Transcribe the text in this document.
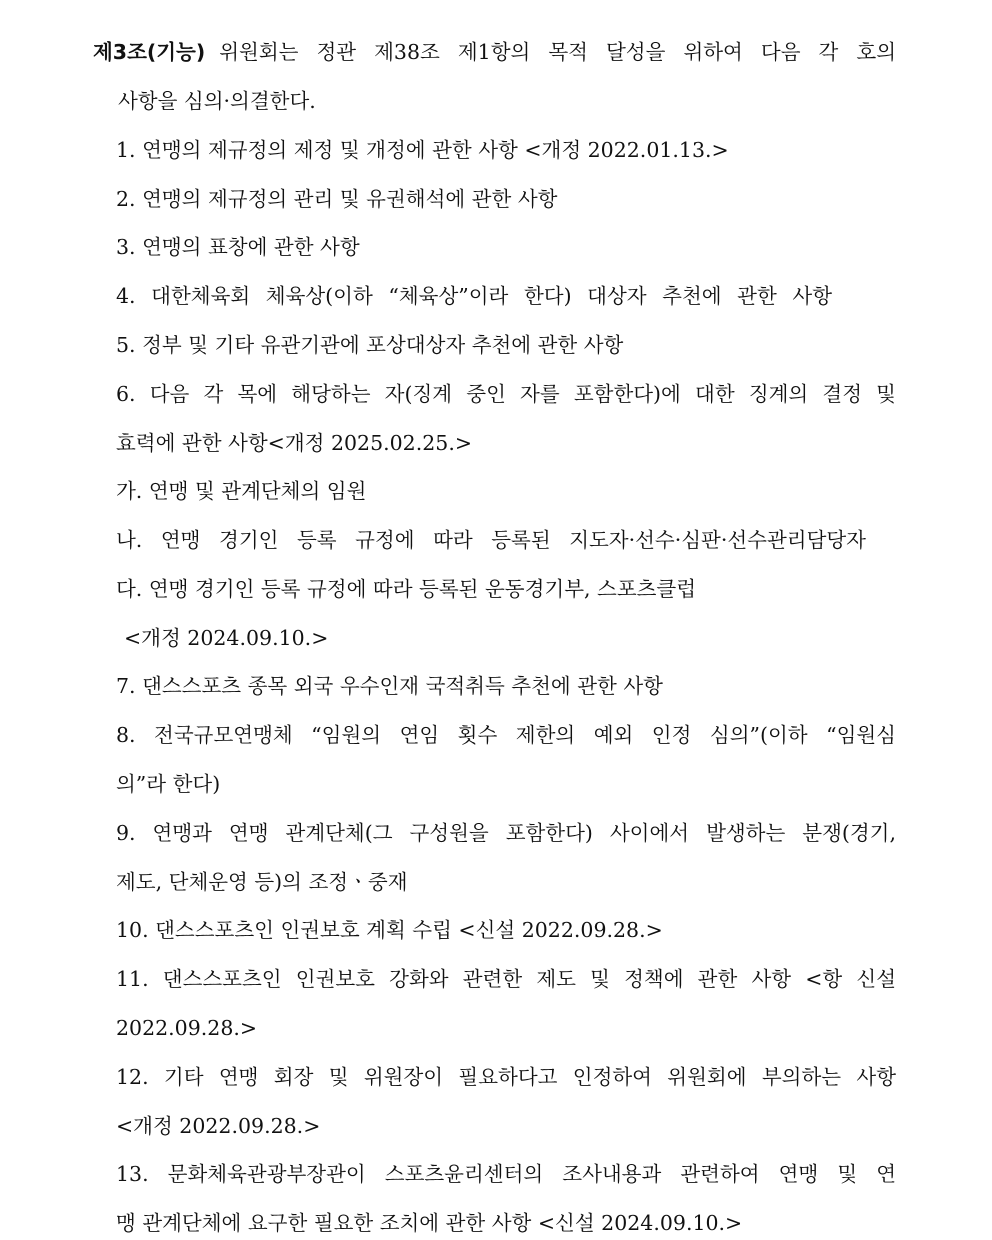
제3조(기능) 위원회는 정관 제38조 제1항의 목적 달성을 위하여 다음 각 호의
사항을 심의·의결한다.
1. 연맹의 제규정의 제정 및 개정에 관한 사항 <개정 2022.01.13.>
2. 연맹의 제규정의 관리 및 유권해석에 관한 사항
3. 연맹의 표창에 관한 사항
4. 대한체육회 체육상(이하 “체육상”이라 한다) 대상자 추천에 관한 사항
5. 정부 및 기타 유관기관에 포상대상자 추천에 관한 사항
6. 다음 각 목에 해당하는 자(징계 중인 자를 포함한다)에 대한 징계의 결정 및
효력에 관한 사항<개정 2025.02.25.>
가. 연맹 및 관계단체의 임원
나. 연맹 경기인 등록 규정에 따라 등록된 지도자·선수·심판·선수관리담당자
다. 연맹 경기인 등록 규정에 따라 등록된 운동경기부, 스포츠클럽
<개정 2024.09.10.>
7. 댄스스포츠 종목 외국 우수인재 국적취득 추천에 관한 사항
8. 전국규모연맹체 “임원의 연임 횟수 제한의 예외 인정 심의”(이하 “임원심
의”라 한다)
9. 연맹과 연맹 관계단체(그 구성원을 포함한다) 사이에서 발생하는 분쟁(경기,
제도, 단체운영 등)의 조정ㆍ중재
10. 댄스스포츠인 인권보호 계획 수립 <신설 2022.09.28.>
11. 댄스스포츠인 인권보호 강화와 관련한 제도 및 정책에 관한 사항 <항 신설
2022.09.28.>
12. 기타 연맹 회장 및 위원장이 필요하다고 인정하여 위원회에 부의하는 사항
<개정 2022.09.28.>
13. 문화체육관광부장관이 스포츠윤리센터의 조사내용과 관련하여 연맹 및 연
맹 관계단체에 요구한 필요한 조치에 관한 사항 <신설 2024.09.10.>
